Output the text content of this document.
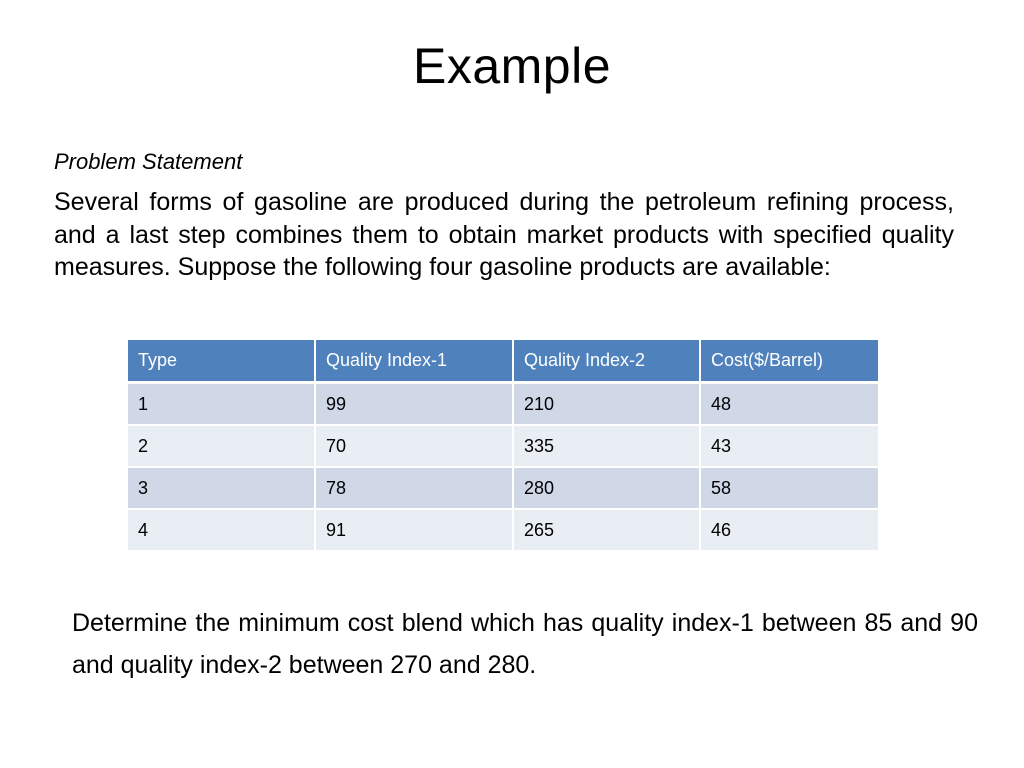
Example
Problem Statement
Several forms of gasoline are produced during the petroleum refining process, and a last step combines them to obtain market products with specified quality measures. Suppose the following four gasoline products are available:
Type	Quality Index-1	Quality Index-2	Cost($/Barrel)
1	99	210	48
2	70	335	43
3	78	280	58
4	91	265	46
Determine the minimum cost blend which has quality index-1 between 85 and 90 and quality index-2 between 270 and 280.
